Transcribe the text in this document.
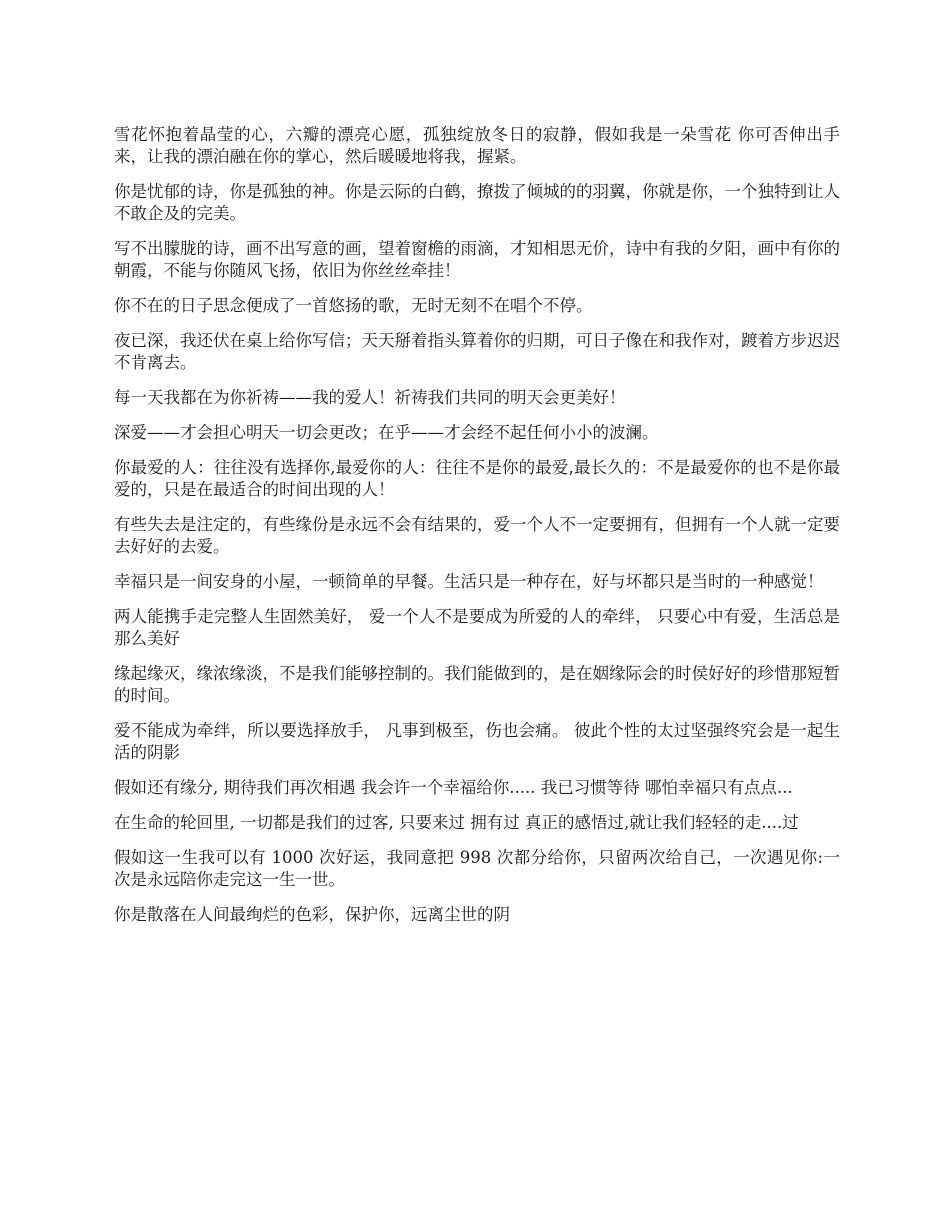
雪花怀抱着晶莹的心，六瓣的漂亮心愿，孤独绽放冬日的寂静，假如我是一朵雪花 你可否伸出手来，让我的漂泊融在你的掌心，然后暖暖地将我，握紧。

你是忧郁的诗，你是孤独的神。你是云际的白鹤，撩拨了倾城的的羽翼，你就是你，一个独特到让人不敢企及的完美。

写不出朦胧的诗，画不出写意的画，望着窗檐的雨滴，才知相思无价，诗中有我的夕阳，画中有你的朝霞，不能与你随风飞扬，依旧为你丝丝牵挂！

你不在的日子思念便成了一首悠扬的歌，无时无刻不在唱个不停。

夜已深，我还伏在桌上给你写信；天天掰着指头算着你的归期，可日子像在和我作对，踱着方步迟迟不肯离去。

每一天我都在为你祈祷——我的爱人！祈祷我们共同的明天会更美好！

深爱——才会担心明天一切会更改；在乎——才会经不起任何小小的波澜。

你最爱的人：往往没有选择你,最爱你的人：往往不是你的最爱,最长久的：不是最爱你的也不是你最爱的，只是在最适合的时间出现的人！

有些失去是注定的，有些缘份是永远不会有结果的，爱一个人不一定要拥有，但拥有一个人就一定要去好好的去爱。

幸福只是一间安身的小屋，一顿简单的早餐。生活只是一种存在，好与坏都只是当时的一种感觉！

两人能携手走完整人生固然美好， 爱一个人不是要成为所爱的人的牵绊， 只要心中有爱，生活总是那么美好

缘起缘灭，缘浓缘淡，不是我们能够控制的。我们能做到的，是在姻缘际会的时侯好好的珍惜那短暂的时间。

爱不能成为牵绊，所以要选择放手， 凡事到极至，伤也会痛。 彼此个性的太过坚强终究会是一起生活的阴影

假如还有缘分, 期待我们再次相遇 我会许一个幸福给你..... 我已习惯等待 哪怕幸福只有点点...

在生命的轮回里, 一切都是我们的过客, 只要来过 拥有过 真正的感悟过,就让我们轻轻的走....过

假如这一生我可以有 1000 次好运，我同意把 998 次都分给你，只留两次给自己，一次遇见你:一次是永远陪你走完这一生一世。

你是散落在人间最绚烂的色彩，保护你，远离尘世的阴
